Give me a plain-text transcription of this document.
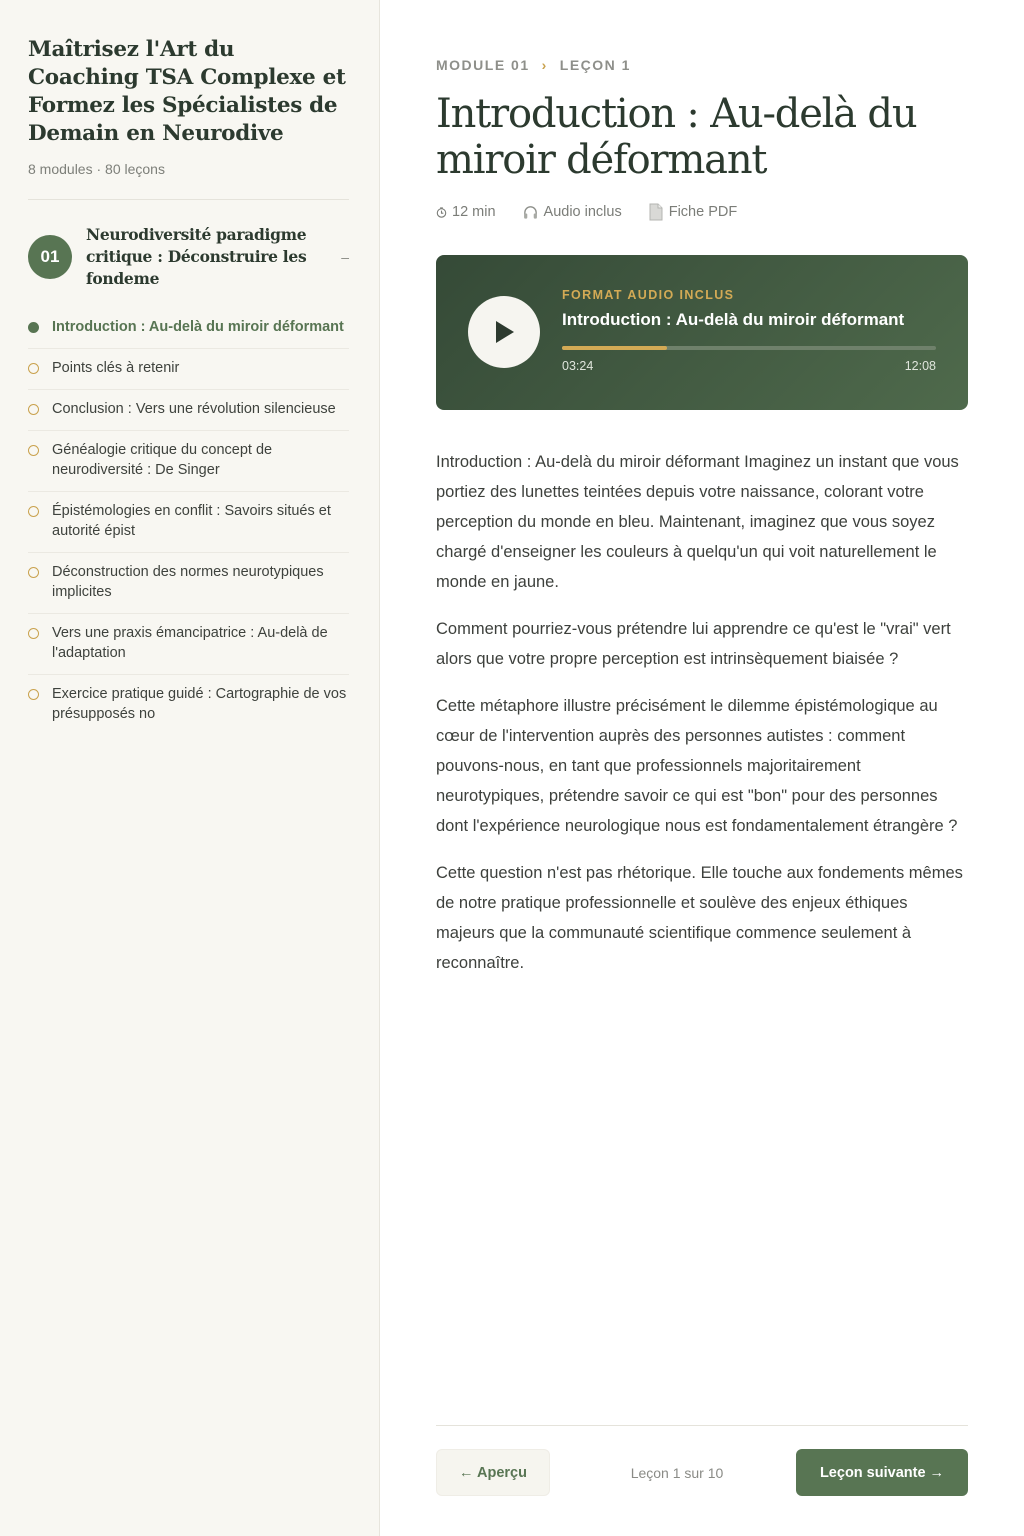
Maîtrisez l'Art du Coaching TSA Complexe et Formez les Spécialistes de Demain en Neurodive
8 modules · 80 leçons
01
Neurodiversité paradigme critique : Déconstruire les fondeme
–
Introduction : Au-delà du miroir déformant
Points clés à retenir
Conclusion : Vers une révolution silencieuse
Généalogie critique du concept de neurodiversité : De Singer
Épistémologies en conflit : Savoirs situés et autorité épist
Déconstruction des normes neurotypiques implicites
Vers une praxis émancipatrice : Au-delà de l'adaptation
Exercice pratique guidé : Cartographie de vos présupposés no
MODULE 01 › LEÇON 1
Introduction : Au-delà du miroir déformant
12 min	Audio inclus	Fiche PDF
FORMAT AUDIO INCLUS
Introduction : Au-delà du miroir déformant
03:24	12:08

Introduction : Au-delà du miroir déformant Imaginez un instant que vous portiez des lunettes teintées depuis votre naissance, colorant votre perception du monde en bleu. Maintenant, imaginez que vous soyez chargé d'enseigner les couleurs à quelqu'un qui voit naturellement le monde en jaune.

Comment pourriez-vous prétendre lui apprendre ce qu'est le "vrai" vert alors que votre propre perception est intrinsèquement biaisée ?

Cette métaphore illustre précisément le dilemme épistémologique au cœur de l'intervention auprès des personnes autistes : comment pouvons-nous, en tant que professionnels majoritairement neurotypiques, prétendre savoir ce qui est "bon" pour des personnes dont l'expérience neurologique nous est fondamentalement étrangère ?

Cette question n'est pas rhétorique. Elle touche aux fondements mêmes de notre pratique professionnelle et soulève des enjeux éthiques majeurs que la communauté scientifique commence seulement à reconnaître.

← Aperçu	Leçon 1 sur 10	Leçon suivante →
